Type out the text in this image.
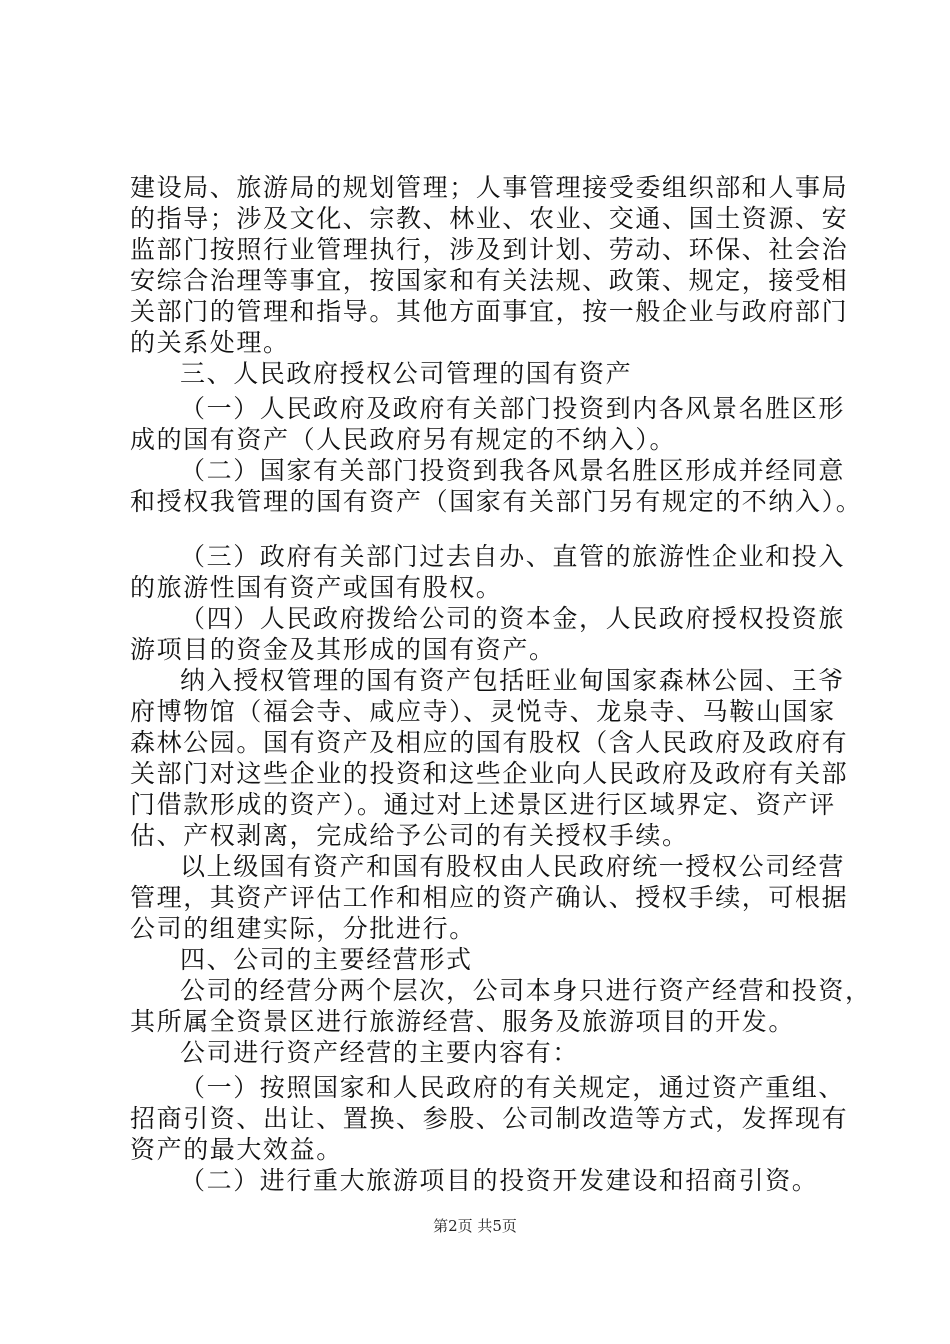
建设局、旅游局的规划管理；人事管理接受委组织部和人事局
的指导；涉及文化、宗教、林业、农业、交通、国土资源、安
监部门按照行业管理执行，涉及到计划、劳动、环保、社会治
安综合治理等事宜，按国家和有关法规、政策、规定，接受相
关部门的管理和指导。其他方面事宜，按一般企业与政府部门
的关系处理。
三、人民政府授权公司管理的国有资产
（一）人民政府及政府有关部门投资到内各风景名胜区形
成的国有资产（人民政府另有规定的不纳入）。
（二）国家有关部门投资到我各风景名胜区形成并经同意
和授权我管理的国有资产（国家有关部门另有规定的不纳入）。
（三）政府有关部门过去自办、直管的旅游性企业和投入
的旅游性国有资产或国有股权。
（四）人民政府拨给公司的资本金，人民政府授权投资旅
游项目的资金及其形成的国有资产。
纳入授权管理的国有资产包括旺业甸国家森林公园、王爷
府博物馆（福会寺、咸应寺）、灵悦寺、龙泉寺、马鞍山国家
森林公园。国有资产及相应的国有股权（含人民政府及政府有
关部门对这些企业的投资和这些企业向人民政府及政府有关部
门借款形成的资产）。通过对上述景区进行区域界定、资产评
估、产权剥离，完成给予公司的有关授权手续。
以上级国有资产和国有股权由人民政府统一授权公司经营
管理，其资产评估工作和相应的资产确认、授权手续，可根据
公司的组建实际，分批进行。
四、公司的主要经营形式
公司的经营分两个层次，公司本身只进行资产经营和投资，
其所属全资景区进行旅游经营、服务及旅游项目的开发。
公司进行资产经营的主要内容有：
（一）按照国家和人民政府的有关规定，通过资产重组、
招商引资、出让、置换、参股、公司制改造等方式，发挥现有
资产的最大效益。
（二）进行重大旅游项目的投资开发建设和招商引资。
第2页 共5页
